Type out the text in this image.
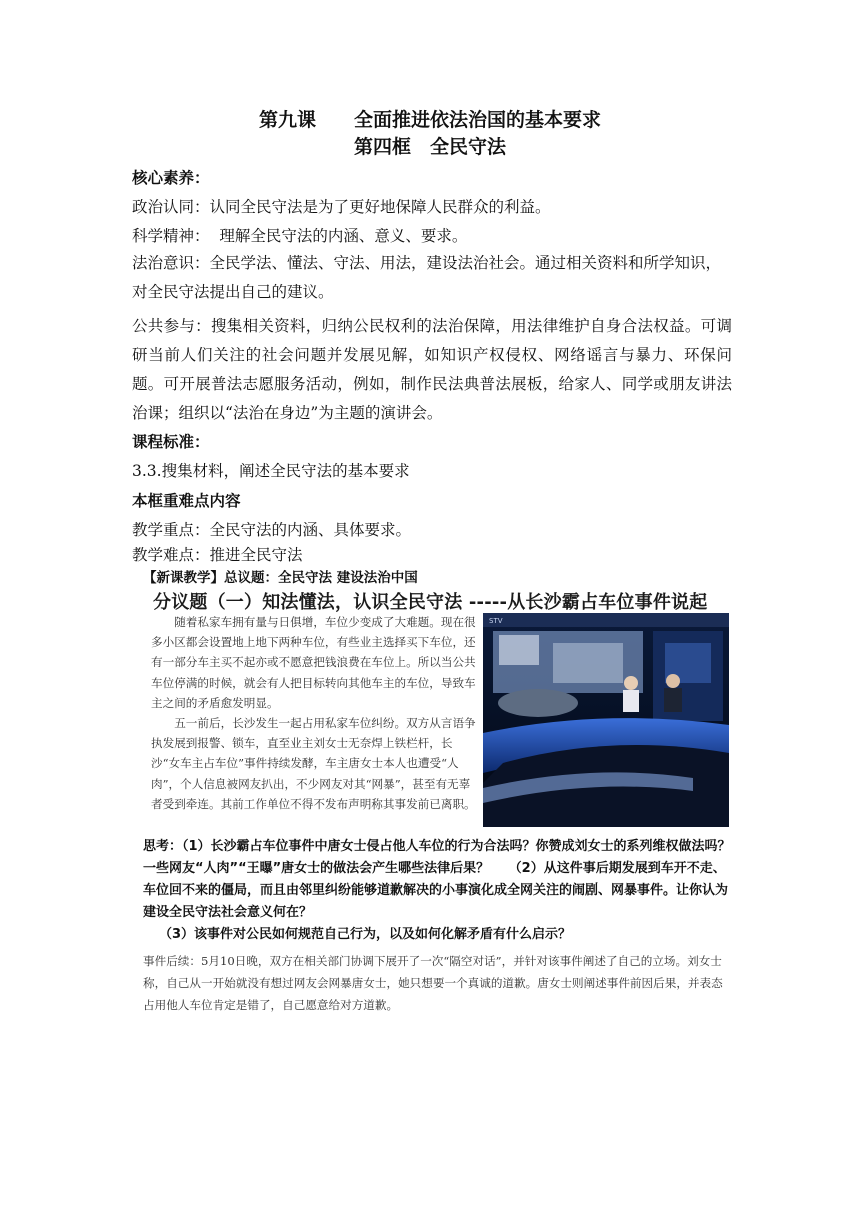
第九课　　全面推进依法治国的基本要求
第四框　全民守法
核心素养：
政治认同：认同全民守法是为了更好地保障人民群众的利益。
科学精神：  理解全民守法的内涵、意义、要求。
法治意识：全民学法、懂法、守法、用法，建设法治社会。通过相关资料和所学知识，对全民守法提出自己的建议。
公共参与：搜集相关资料，归纳公民权利的法治保障，用法律维护自身合法权益。可调研当前人们关注的社会问题并发展见解，如知识产权侵权、网络谣言与暴力、环保问题。可开展普法志愿服务活动，例如，制作民法典普法展板，给家人、同学或朋友讲法治课；组织以“法治在身边”为主题的演讲会。
课程标准：
3.3.搜集材料，阐述全民守法的基本要求
本框重难点内容
教学重点：全民守法的内涵、具体要求。
教学难点：推进全民守法
【新课教学】总议题：全民守法 建设法治中国
分议题（一）知法懂法，认识全民守法 -----从长沙霸占车位事件说起

随着私家车拥有量与日俱增，车位少变成了大难题。现在很多小区都会设置地上地下两种车位，有些业主选择买下车位，还有一部分车主买不起亦或不愿意把钱浪费在车位上。所以当公共车位停满的时候，就会有人把目标转向其他车主的车位，导致车主之间的矛盾愈发明显。

五一前后，长沙发生一起占用私家车位纠纷。双方从言语争执发展到报警、锁车，直至业主刘女士无奈焊上铁栏杆，长沙“女车主占车位”事件持续发酵，车主唐女士本人也遭受“人肉”，个人信息被网友扒出，不少网友对其“网暴”，甚至有无辜者受到牵连。其前工作单位不得不发布声明称其事发前已离职。

STV
思考：（1）长沙霸占车位事件中唐女士侵占他人车位的行为合法吗？你赞成刘女士的系列维权做法吗？一些网友“人肉”“王曝”唐女士的做法会产生哪些法律后果？　　（2）从这件事后期发展到车开不走、车位回不来的僵局，而且由邻里纠纷能够道歉解决的小事演化成全网关注的闹剧、网暴事件。让你认为建设全民守法社会意义何在？
（3）该事件对公民如何规范自己行为，以及如何化解矛盾有什么启示？
事件后续：5月10日晚，双方在相关部门协调下展开了一次“隔空对话”，并针对该事件阐述了自己的立场。刘女士称，自己从一开始就没有想过网友会网暴唐女士，她只想要一个真诚的道歉。唐女士则阐述事件前因后果，并表态占用他人车位肯定是错了，自己愿意给对方道歉。
